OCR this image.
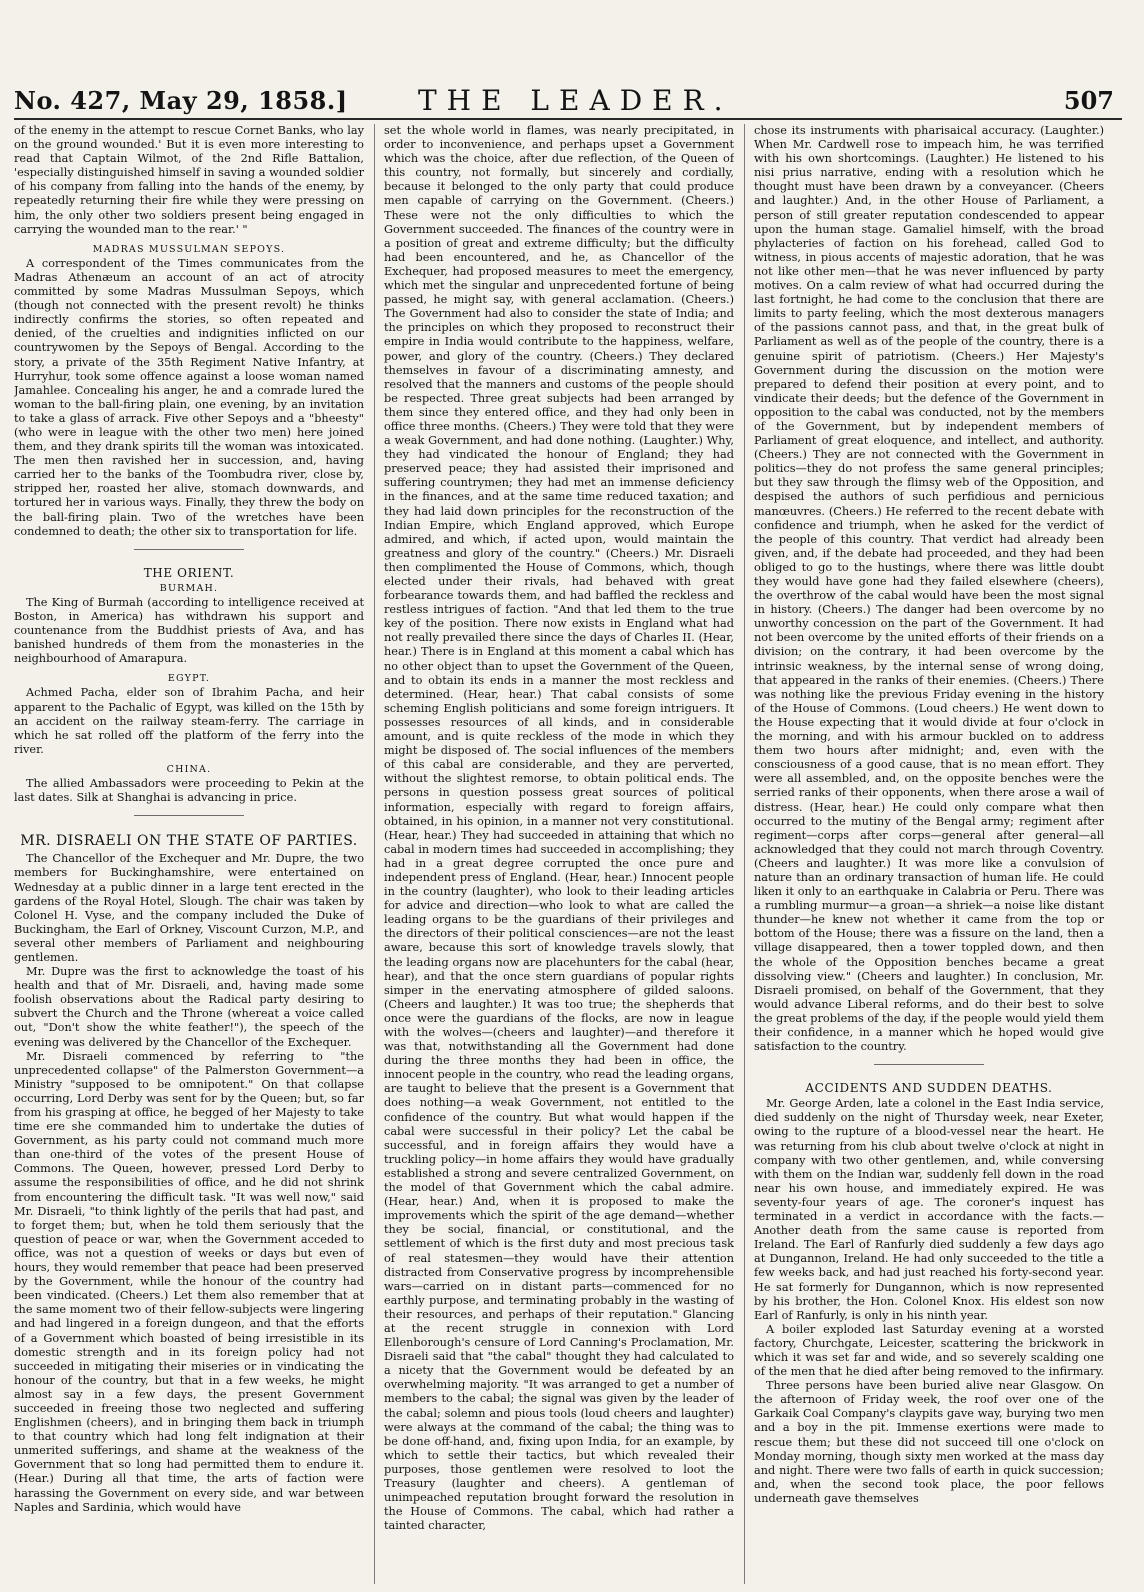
No. 427, May 29, 1858.]	THE LEADER.	507

of the enemy in the attempt to rescue Cornet Banks, who lay on the ground wounded.' But it is even more interesting to read that Captain Wilmot, of the 2nd Rifle Battalion, 'especially distinguished himself in saving a wounded soldier of his company from falling into the hands of the enemy, by repeatedly returning their fire while they were pressing on him, the only other two soldiers present being engaged in carrying the wounded man to the rear.' "

MADRAS MUSSULMAN SEPOYS.

A correspondent of the Times communicates from the Madras Athenæum an account of an act of atrocity committed by some Madras Mussulman Sepoys, which (though not connected with the present revolt) he thinks indirectly confirms the stories, so often repeated and denied, of the cruelties and indignities inflicted on our countrywomen by the Sepoys of Bengal. According to the story, a private of the 35th Regiment Native Infantry, at Hurryhur, took some offence against a loose woman named Jamahlee. Concealing his anger, he and a comrade lured the woman to the ball-firing plain, one evening, by an invitation to take a glass of arrack. Five other Sepoys and a "bheesty" (who were in league with the other two men) here joined them, and they drank spirits till the woman was intoxicated. The men then ravished her in succession, and, having carried her to the banks of the Toombudra river, close by, stripped her, roasted her alive, stomach downwards, and tortured her in various ways. Finally, they threw the body on the ball-firing plain. Two of the wretches have been condemned to death; the other six to transportation for life.

THE ORIENT.
BURMAH.

The King of Burmah (according to intelligence received at Boston, in America) has withdrawn his support and countenance from the Buddhist priests of Ava, and has banished hundreds of them from the monasteries in the neighbourhood of Amarapura.

EGYPT.

Achmed Pacha, elder son of Ibrahim Pacha, and heir apparent to the Pachalic of Egypt, was killed on the 15th by an accident on the railway steam-ferry. The carriage in which he sat rolled off the platform of the ferry into the river.

CHINA.

The allied Ambassadors were proceeding to Pekin at the last dates. Silk at Shanghai is advancing in price.

MR. DISRAELI ON THE STATE OF PARTIES.

The Chancellor of the Exchequer and Mr. Dupre, the two members for Buckinghamshire, were entertained on Wednesday at a public dinner in a large tent erected in the gardens of the Royal Hotel, Slough. The chair was taken by Colonel H. Vyse, and the company included the Duke of Buckingham, the Earl of Orkney, Viscount Curzon, M.P., and several other members of Parliament and neighbouring gentlemen.

Mr. Dupre was the first to acknowledge the toast of his health and that of Mr. Disraeli, and, having made some foolish observations about the Radical party desiring to subvert the Church and the Throne (whereat a voice called out, "Don't show the white feather!"), the speech of the evening was delivered by the Chancellor of the Exchequer.

Mr. Disraeli commenced by referring to "the unprecedented collapse" of the Palmerston Government—a Ministry "supposed to be omnipotent." On that collapse occurring, Lord Derby was sent for by the Queen; but, so far from his grasping at office, he begged of her Majesty to take time ere she commanded him to undertake the duties of Government, as his party could not command much more than one-third of the votes of the present House of Commons. The Queen, however, pressed Lord Derby to assume the responsibilities of office, and he did not shrink from encountering the difficult task. "It was well now," said Mr. Disraeli, "to think lightly of the perils that had past, and to forget them; but, when he told them seriously that the question of peace or war, when the Government acceded to office, was not a question of weeks or days but even of hours, they would remember that peace had been preserved by the Government, while the honour of the country had been vindicated. (Cheers.) Let them also remember that at the same moment two of their fellow-subjects were lingering and had lingered in a foreign dungeon, and that the efforts of a Government which boasted of being irresistible in its domestic strength and in its foreign policy had not succeeded in mitigating their miseries or in vindicating the honour of the country, but that in a few weeks, he might almost say in a few days, the present Government succeeded in freeing those two neglected and suffering Englishmen (cheers), and in bringing them back in triumph to that country which had long felt indignation at their unmerited sufferings, and shame at the weakness of the Government that so long had permitted them to endure it. (Hear.) During all that time, the arts of faction were harassing the Government on every side, and war between Naples and Sardinia, which would have

set the whole world in flames, was nearly precipitated, in order to inconvenience, and perhaps upset a Government which was the choice, after due reflection, of the Queen of this country, not formally, but sincerely and cordially, because it belonged to the only party that could produce men capable of carrying on the Government. (Cheers.) These were not the only difficulties to which the Government succeeded. The finances of the country were in a position of great and extreme difficulty; but the difficulty had been encountered, and he, as Chancellor of the Exchequer, had proposed measures to meet the emergency, which met the singular and unprecedented fortune of being passed, he might say, with general acclamation. (Cheers.) The Government had also to consider the state of India; and the principles on which they proposed to reconstruct their empire in India would contribute to the happiness, welfare, power, and glory of the country. (Cheers.) They declared themselves in favour of a discriminating amnesty, and resolved that the manners and customs of the people should be respected. Three great subjects had been arranged by them since they entered office, and they had only been in office three months. (Cheers.) They were told that they were a weak Government, and had done nothing. (Laughter.) Why, they had vindicated the honour of England; they had preserved peace; they had assisted their imprisoned and suffering countrymen; they had met an immense deficiency in the finances, and at the same time reduced taxation; and they had laid down principles for the reconstruction of the Indian Empire, which England approved, which Europe admired, and which, if acted upon, would maintain the greatness and glory of the country." (Cheers.) Mr. Disraeli then complimented the House of Commons, which, though elected under their rivals, had behaved with great forbearance towards them, and had baffled the reckless and restless intrigues of faction. "And that led them to the true key of the position. There now exists in England what had not really prevailed there since the days of Charles II. (Hear, hear.) There is in England at this moment a cabal which has no other object than to upset the Government of the Queen, and to obtain its ends in a manner the most reckless and determined. (Hear, hear.) That cabal consists of some scheming English politicians and some foreign intriguers. It possesses resources of all kinds, and in considerable amount, and is quite reckless of the mode in which they might be disposed of. The social influences of the members of this cabal are considerable, and they are perverted, without the slightest remorse, to obtain political ends. The persons in question possess great sources of political information, especially with regard to foreign affairs, obtained, in his opinion, in a manner not very constitutional. (Hear, hear.) They had succeeded in attaining that which no cabal in modern times had succeeded in accomplishing; they had in a great degree corrupted the once pure and independent press of England. (Hear, hear.) Innocent people in the country (laughter), who look to their leading articles for advice and direction—who look to what are called the leading organs to be the guardians of their privileges and the directors of their political consciences—are not the least aware, because this sort of knowledge travels slowly, that the leading organs now are placehunters for the cabal (hear, hear), and that the once stern guardians of popular rights simper in the enervating atmosphere of gilded saloons. (Cheers and laughter.) It was too true; the shepherds that once were the guardians of the flocks, are now in league with the wolves—(cheers and laughter)—and therefore it was that, notwithstanding all the Government had done during the three months they had been in office, the innocent people in the country, who read the leading organs, are taught to believe that the present is a Government that does nothing—a weak Government, not entitled to the confidence of the country. But what would happen if the cabal were successful in their policy? Let the cabal be successful, and in foreign affairs they would have a truckling policy—in home affairs they would have gradually established a strong and severe centralized Government, on the model of that Government which the cabal admire. (Hear, hear.) And, when it is proposed to make the improvements which the spirit of the age demand—whether they be social, financial, or constitutional, and the settlement of which is the first duty and most precious task of real statesmen—they would have their attention distracted from Conservative progress by incomprehensible wars—carried on in distant parts—commenced for no earthly purpose, and terminating probably in the wasting of their resources, and perhaps of their reputation." Glancing at the recent struggle in connexion with Lord Ellenborough's censure of Lord Canning's Proclamation, Mr. Disraeli said that "the cabal" thought they had calculated to a nicety that the Government would be defeated by an overwhelming majority. "It was arranged to get a number of members to the cabal; the signal was given by the leader of the cabal; solemn and pious tools (loud cheers and laughter) were always at the command of the cabal; the thing was to be done off-hand, and, fixing upon India, for an example, by which to settle their tactics, but which revealed their purposes, those gentlemen were resolved to loot the Treasury (laughter and cheers). A gentleman of unimpeached reputation brought forward the resolution in the House of Commons. The cabal, which had rather a tainted character,

chose its instruments with pharisaical accuracy. (Laughter.) When Mr. Cardwell rose to impeach him, he was terrified with his own shortcomings. (Laughter.) He listened to his nisi prius narrative, ending with a resolution which he thought must have been drawn by a conveyancer. (Cheers and laughter.) And, in the other House of Parliament, a person of still greater reputation condescended to appear upon the human stage. Gamaliel himself, with the broad phylacteries of faction on his forehead, called God to witness, in pious accents of majestic adoration, that he was not like other men—that he was never influenced by party motives. On a calm review of what had occurred during the last fortnight, he had come to the conclusion that there are limits to party feeling, which the most dexterous managers of the passions cannot pass, and that, in the great bulk of Parliament as well as of the people of the country, there is a genuine spirit of patriotism. (Cheers.) Her Majesty's Government during the discussion on the motion were prepared to defend their position at every point, and to vindicate their deeds; but the defence of the Government in opposition to the cabal was conducted, not by the members of the Government, but by independent members of Parliament of great eloquence, and intellect, and authority. (Cheers.) They are not connected with the Government in politics—they do not profess the same general principles; but they saw through the flimsy web of the Opposition, and despised the authors of such perfidious and pernicious manœuvres. (Cheers.) He referred to the recent debate with confidence and triumph, when he asked for the verdict of the people of this country. That verdict had already been given, and, if the debate had proceeded, and they had been obliged to go to the hustings, where there was little doubt they would have gone had they failed elsewhere (cheers), the overthrow of the cabal would have been the most signal in history. (Cheers.) The danger had been overcome by no unworthy concession on the part of the Government. It had not been overcome by the united efforts of their friends on a division; on the contrary, it had been overcome by the intrinsic weakness, by the internal sense of wrong doing, that appeared in the ranks of their enemies. (Cheers.) There was nothing like the previous Friday evening in the history of the House of Commons. (Loud cheers.) He went down to the House expecting that it would divide at four o'clock in the morning, and with his armour buckled on to address them two hours after midnight; and, even with the consciousness of a good cause, that is no mean effort. They were all assembled, and, on the opposite benches were the serried ranks of their opponents, when there arose a wail of distress. (Hear, hear.) He could only compare what then occurred to the mutiny of the Bengal army; regiment after regiment—corps after corps—general after general—all acknowledged that they could not march through Coventry. (Cheers and laughter.) It was more like a convulsion of nature than an ordinary transaction of human life. He could liken it only to an earthquake in Calabria or Peru. There was a rumbling murmur—a groan—a shriek—a noise like distant thunder—he knew not whether it came from the top or bottom of the House; there was a fissure on the land, then a village disappeared, then a tower toppled down, and then the whole of the Opposition benches became a great dissolving view." (Cheers and laughter.) In conclusion, Mr. Disraeli promised, on behalf of the Government, that they would advance Liberal reforms, and do their best to solve the great problems of the day, if the people would yield them their confidence, in a manner which he hoped would give satisfaction to the country.

ACCIDENTS AND SUDDEN DEATHS.

Mr. George Arden, late a colonel in the East India service, died suddenly on the night of Thursday week, near Exeter, owing to the rupture of a blood-vessel near the heart. He was returning from his club about twelve o'clock at night in company with two other gentlemen, and, while conversing with them on the Indian war, suddenly fell down in the road near his own house, and immediately expired. He was seventy-four years of age. The coroner's inquest has terminated in a verdict in accordance with the facts.—Another death from the same cause is reported from Ireland. The Earl of Ranfurly died suddenly a few days ago at Dungannon, Ireland. He had only succeeded to the title a few weeks back, and had just reached his forty-second year. He sat formerly for Dungannon, which is now represented by his brother, the Hon. Colonel Knox. His eldest son now Earl of Ranfurly, is only in his ninth year.

A boiler exploded last Saturday evening at a worsted factory, Churchgate, Leicester, scattering the brickwork in which it was set far and wide, and so severely scalding one of the men that he died after being removed to the infirmary.

Three persons have been buried alive near Glasgow. On the afternoon of Friday week, the roof over one of the Garkaik Coal Company's claypits gave way, burying two men and a boy in the pit. Immense exertions were made to rescue them; but these did not succeed till one o'clock on Monday morning, though sixty men worked at the mass day and night. There were two falls of earth in quick succession; and, when the second took place, the poor fellows underneath gave themselves
